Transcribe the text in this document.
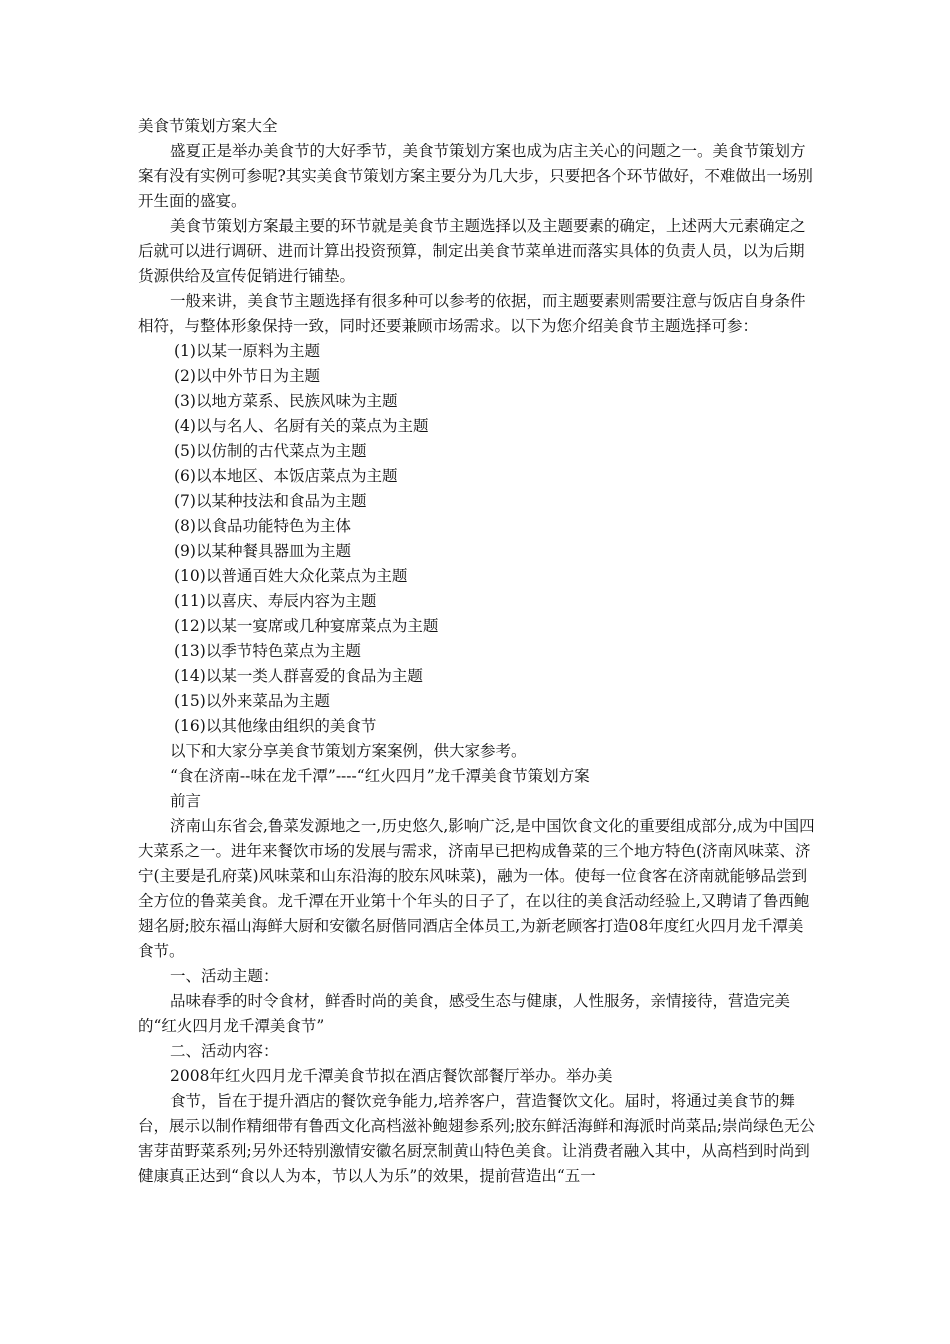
美食节策划方案大全

盛夏正是举办美食节的大好季节，美食节策划方案也成为店主关心的问题之一。美食节策划方案有没有实例可参呢?其实美食节策划方案主要分为几大步，只要把各个环节做好，不难做出一场别开生面的盛宴。

美食节策划方案最主要的环节就是美食节主题选择以及主题要素的确定，上述两大元素确定之后就可以进行调研、进而计算出投资预算，制定出美食节菜单进而落实具体的负责人员，以为后期货源供给及宣传促销进行铺垫。

一般来讲，美食节主题选择有很多种可以参考的依据，而主题要素则需要注意与饭店自身条件相符，与整体形象保持一致，同时还要兼顾市场需求。以下为您介绍美食节主题选择可参：

(1)以某一原料为主题

(2)以中外节日为主题

(3)以地方菜系、民族风味为主题

(4)以与名人、名厨有关的菜点为主题

(5)以仿制的古代菜点为主题

(6)以本地区、本饭店菜点为主题

(7)以某种技法和食品为主题

(8)以食品功能特色为主体

(9)以某种餐具器皿为主题

(10)以普通百姓大众化菜点为主题

(11)以喜庆、寿辰内容为主题

(12)以某一宴席或几种宴席菜点为主题

(13)以季节特色菜点为主题

(14)以某一类人群喜爱的食品为主题

(15)以外来菜品为主题

(16)以其他缘由组织的美食节

以下和大家分享美食节策划方案案例，供大家参考。

“食在济南--味在龙千潭”----“红火四月”龙千潭美食节策划方案

前言

济南山东省会,鲁菜发源地之一,历史悠久,影响广泛,是中国饮食文化的重要组成部分,成为中国四大菜系之一。进年来餐饮市场的发展与需求，济南早已把构成鲁菜的三个地方特色(济南风味菜、济宁(主要是孔府菜)风味菜和山东沿海的胶东风味菜)，融为一体。使每一位食客在济南就能够品尝到全方位的鲁菜美食。龙千潭在开业第十个年头的日子了，在以往的美食活动经验上,又聘请了鲁西鲍翅名厨;胶东福山海鲜大厨和安徽名厨偕同酒店全体员工,为新老顾客打造08年度红火四月龙千潭美食节。

一、活动主题：

品味春季的时令食材，鲜香时尚的美食，感受生态与健康，人性服务，亲情接待，营造完美的“红火四月龙千潭美食节”

二、活动内容：

2008年红火四月龙千潭美食节拟在酒店餐饮部餐厅举办。举办美

食节，旨在于提升酒店的餐饮竞争能力,培养客户，营造餐饮文化。届时，将通过美食节的舞台，展示以制作精细带有鲁西文化高档滋补鲍翅参系列;胶东鲜活海鲜和海派时尚菜品;崇尚绿色无公害芽苗野菜系列;另外还特别激情安徽名厨烹制黄山特色美食。让消费者融入其中，从高档到时尚到健康真正达到“食以人为本，节以人为乐”的效果，提前营造出“五一
